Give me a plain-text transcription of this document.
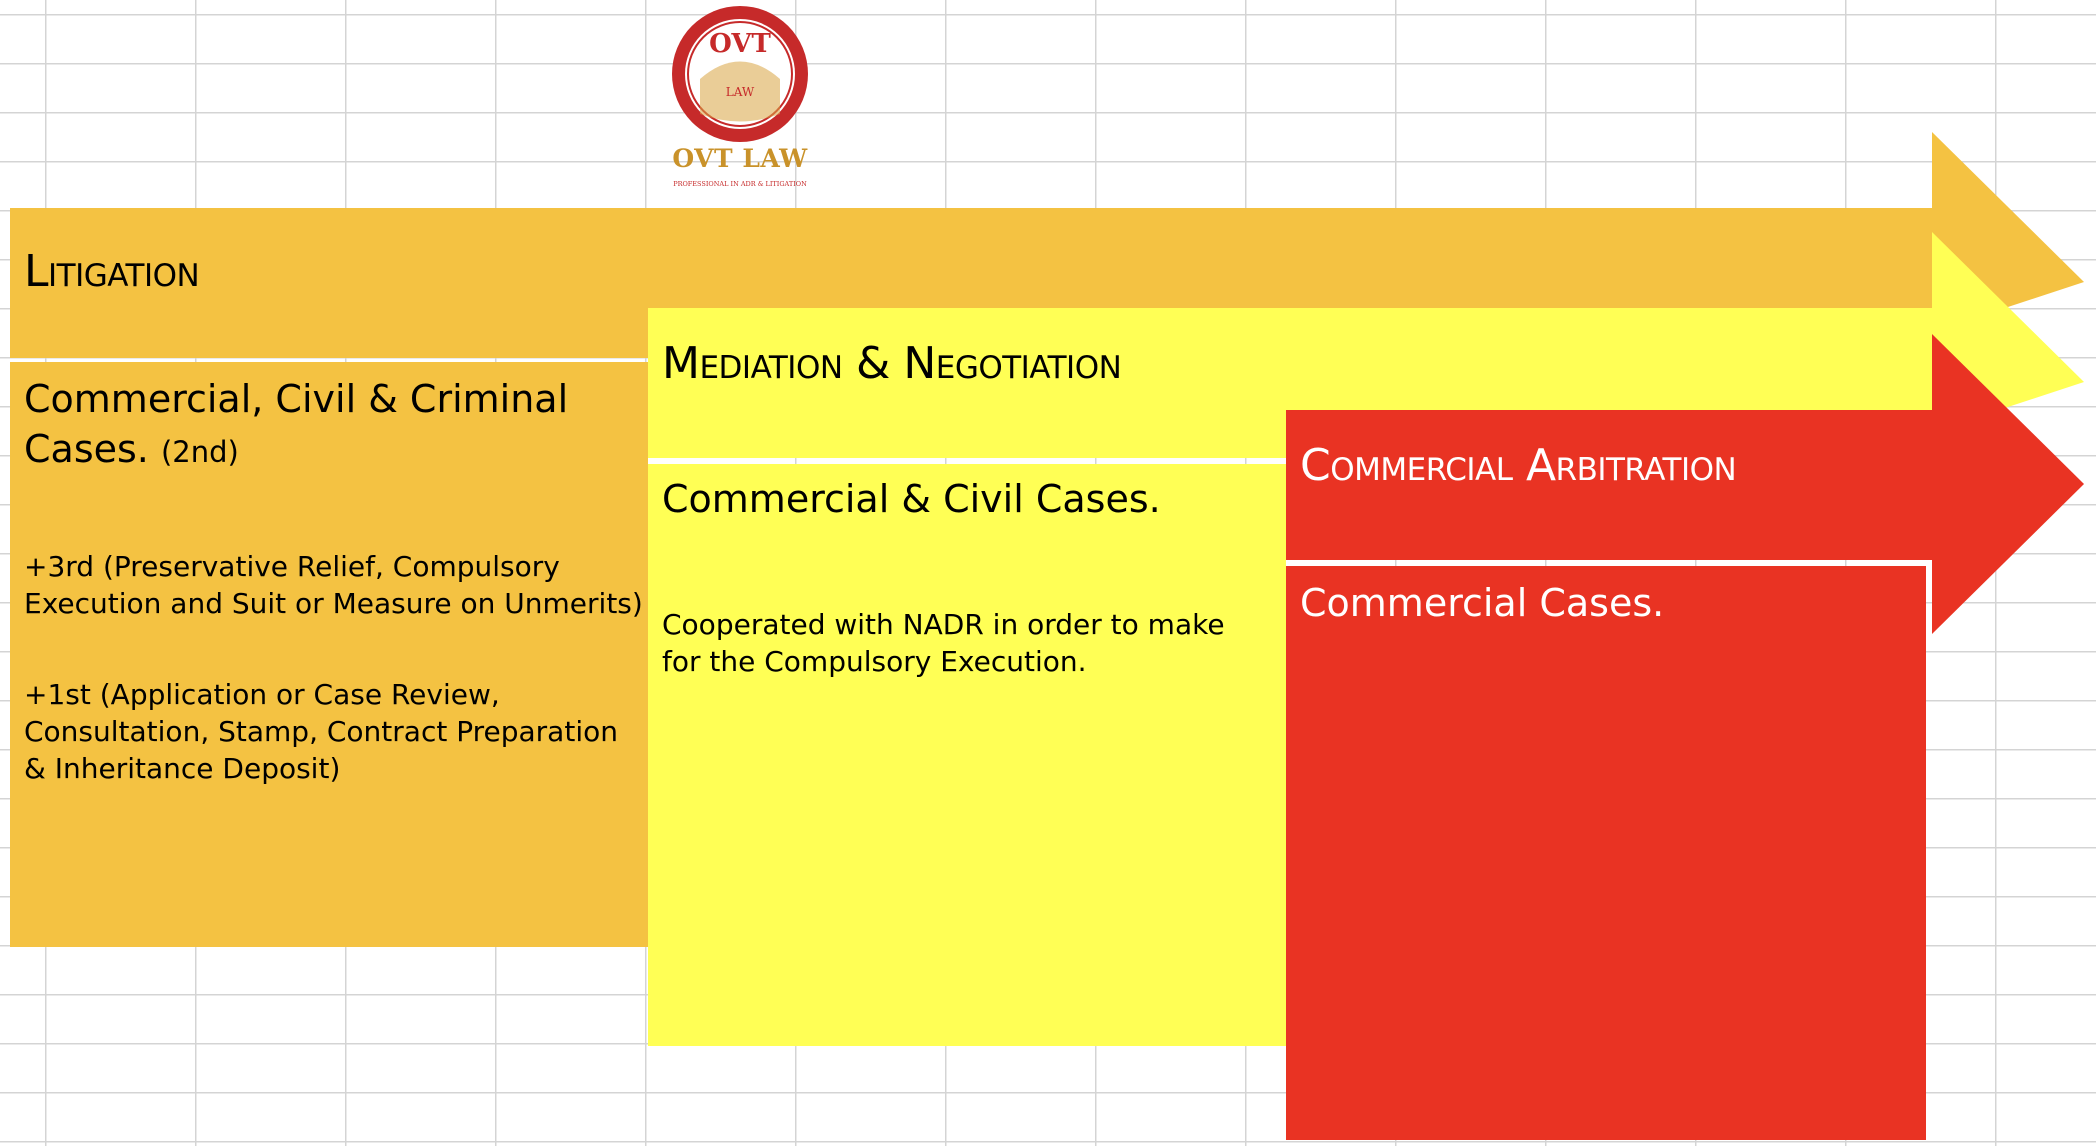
OVT
LAW
OVT LAW
PROFESSIONAL IN ADR & LITIGATION
Litigation
Commercial, Civil & Criminal Cases. (2nd)
+3rd (Preservative Relief, Compulsory Execution and Suit or Measure on Unmerits)
+1st (Application or Case Review, Consultation, Stamp, Contract Preparation & Inheritance Deposit)
Mediation & Negotiation
Commercial & Civil Cases.
Cooperated with NADR in order to make for the Compulsory Execution.
Commercial Arbitration
Commercial Cases.
